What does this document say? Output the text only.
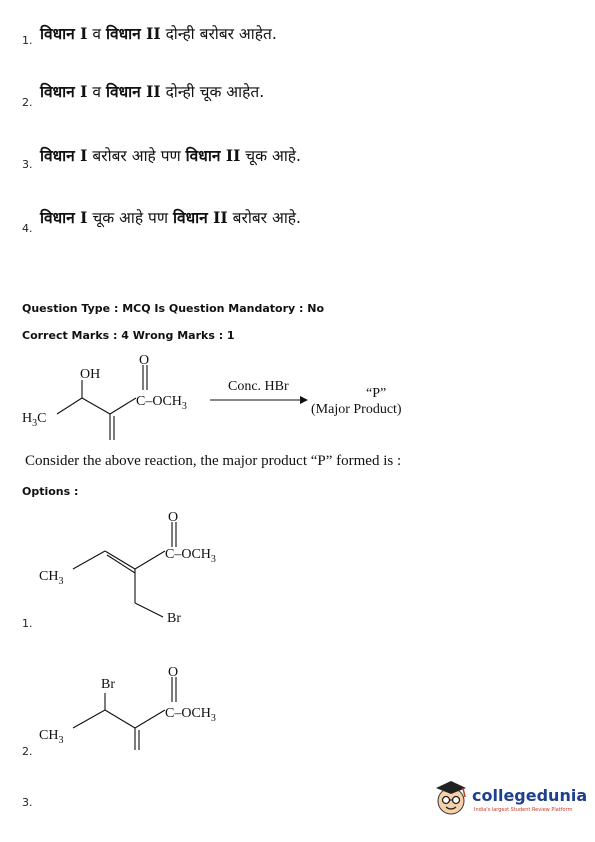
1. विधान I व विधान II दोन्ही बरोबर आहेत.
2.
विधान I व विधान II दोन्ही चूक आहेत.
3. विधान I बरोबर आहे पण विधान II चूक आहे.
4.
विधान I चूक आहे पण विधान II बरोबर आहे.
Question Type : MCQ Is Question Mandatory : No
Correct Marks : 4 Wrong Marks : 1
OH
O
$C-OCH_3$
$H_3C$
Conc. HBr	“P”
(Major Product)
Consider the above reaction, the major product “P” formed is :
Options :
O
$C-OCH_3$
$CH_3$
Br
1.
O
Br
$C-OCH_3$
$CH_3$
2.
3.	collegedunia
India's largest Student Review Platform
